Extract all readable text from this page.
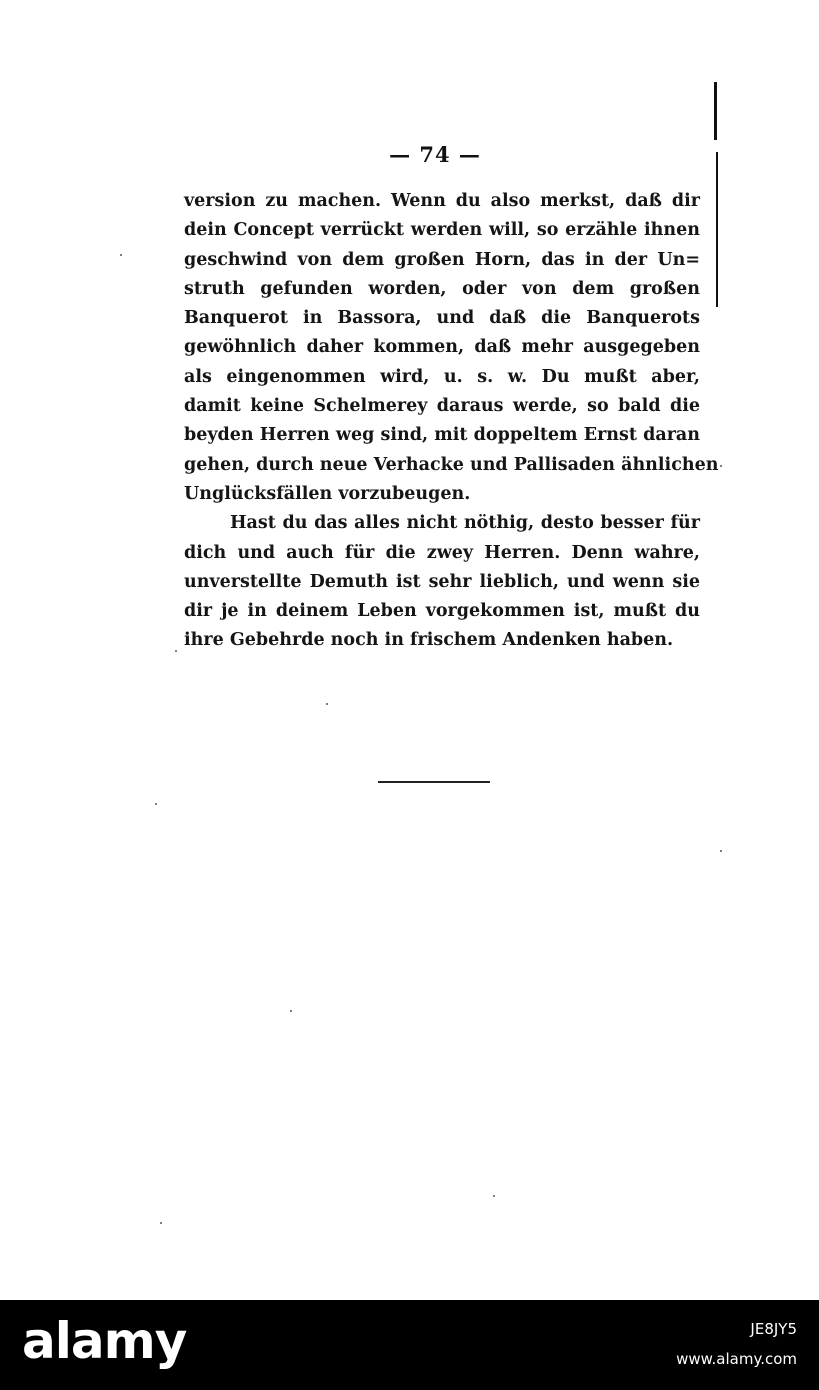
— 74 —
version zu machen. Wenn du also merkst, daß dir
dein Concept verrückt werden will, so erzähle ihnen
geschwind von dem großen Horn, das in der Un=
struth gefunden worden, oder von dem großen
Banquerot in Bassora, und daß die Banquerots
gewöhnlich daher kommen, daß mehr ausgegeben
als eingenommen wird, u. s. w. Du mußt aber,
damit keine Schelmerey daraus werde, so bald die
beyden Herren weg sind, mit doppeltem Ernst daran
gehen, durch neue Verhacke und Pallisaden ähnlichen
Unglücksfällen vorzubeugen.
Hast du das alles nicht nöthig, desto besser für
dich und auch für die zwey Herren. Denn wahre,
unverstellte Demuth ist sehr lieblich, und wenn sie
dir je in deinem Leben vorgekommen ist, mußt du
ihre Gebehrde noch in frischem Andenken haben.
alamy	JE8JY5
www.alamy.com
